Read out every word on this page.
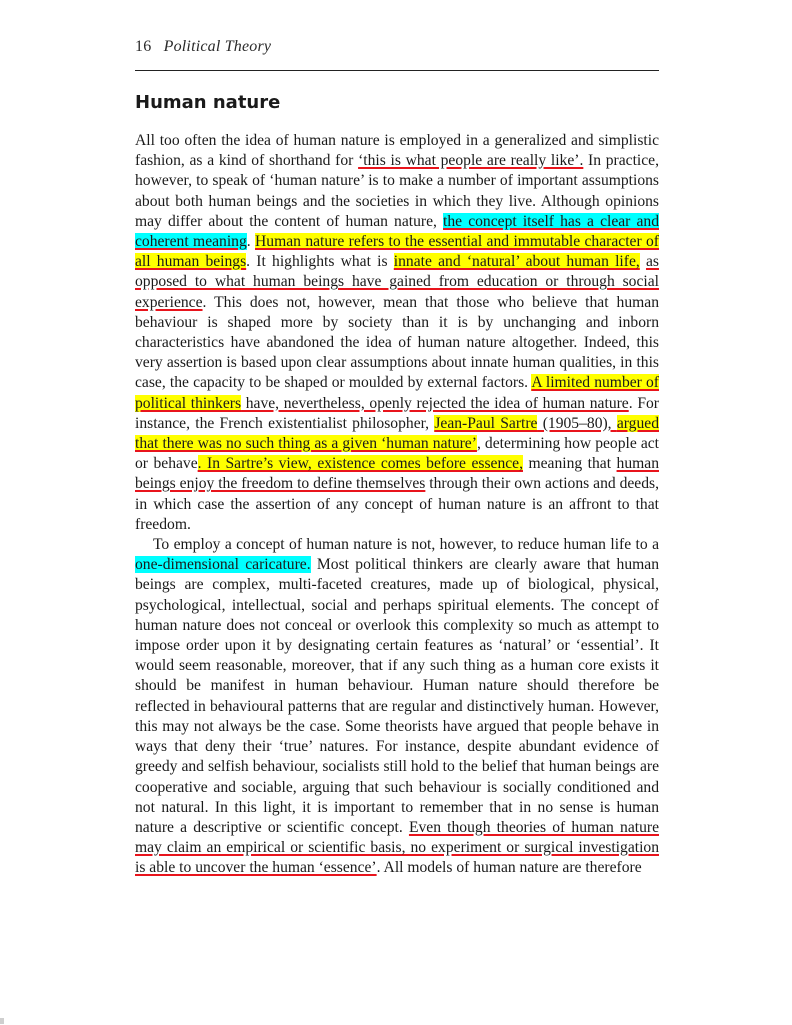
16 Political Theory
Human nature

All too often the idea of human nature is employed in a generalized and simplistic fashion, as a kind of shorthand for ‘this is what people are really like’. In practice, however, to speak of ‘human nature’ is to make a number of important assumptions about both human beings and the societies in which they live. Although opinions may differ about the content of human nature, the concept itself has a clear and coherent meaning. Human nature refers to the essential and immutable character of all human beings. It highlights what is innate and ‘natural’ about human life, as opposed to what human beings have gained from education or through social experience. This does not, however, mean that those who believe that human behaviour is shaped more by society than it is by unchanging and inborn characteristics have abandoned the idea of human nature altogether. Indeed, this very assertion is based upon clear assumptions about innate human qualities, in this case, the capacity to be shaped or moulded by external factors. A limited number of political thinkers have, nevertheless, openly rejected the idea of human nature. For instance, the French existentialist philosopher, Jean-Paul Sartre (1905–80), argued that there was no such thing as a given ‘human nature’, determining how people act or behave. In Sartre’s view, existence comes before essence, meaning that human beings enjoy the freedom to define themselves through their own actions and deeds, in which case the assertion of any concept of human nature is an affront to that freedom.

To employ a concept of human nature is not, however, to reduce human life to a one-dimensional caricature. Most political thinkers are clearly aware that human beings are complex, multi-faceted creatures, made up of biological, physical, psychological, intellectual, social and perhaps spiritual elements. The concept of human nature does not conceal or overlook this complexity so much as attempt to impose order upon it by designating certain features as ‘natural’ or ‘essential’. It would seem reasonable, moreover, that if any such thing as a human core exists it should be manifest in human behaviour. Human nature should therefore be reflected in behavioural patterns that are regular and distinctively human. However, this may not always be the case. Some theorists have argued that people behave in ways that deny their ‘true’ natures. For instance, despite abundant evidence of greedy and selfish behaviour, socialists still hold to the belief that human beings are cooperative and sociable, arguing that such behaviour is socially conditioned and not natural. In this light, it is important to remember that in no sense is human nature a descriptive or scientific concept. Even though theories of human nature may claim an empirical or scientific basis, no experiment or surgical investigation is able to uncover the human ‘essence’. All models of human nature are therefore
